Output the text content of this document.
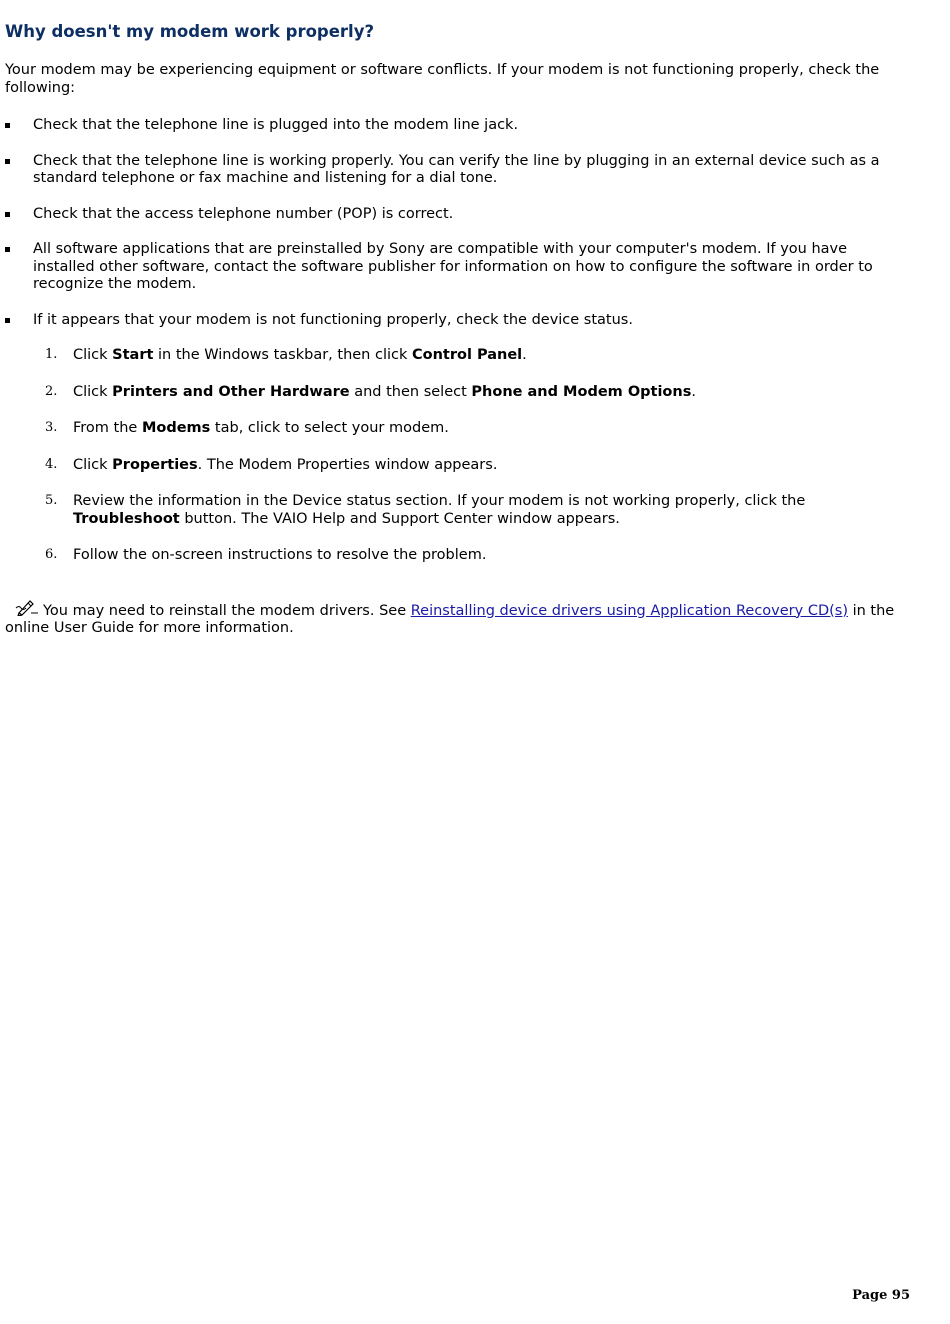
Why doesn't my modem work properly?

Your modem may be experiencing equipment or software conflicts. If your modem is not functioning properly, check the following:

Check that the telephone line is plugged into the modem line jack.
Check that the telephone line is working properly. You can verify the line by plugging in an external device such as a standard telephone or fax machine and listening for a dial tone.
Check that the access telephone number (POP) is correct.
All software applications that are preinstalled by Sony are compatible with your computer's modem. If you have installed other software, contact the software publisher for information on how to configure the software in order to recognize the modem.
If it appears that your modem is not functioning properly, check the device status.
1. Click Start in the Windows taskbar, then click Control Panel.
2. Click Printers and Other Hardware and then select Phone and Modem Options.
3. From the Modems tab, click to select your modem.
4. Click Properties. The Modem Properties window appears.
5. Review the information in the Device status section. If your modem is not working properly, click the Troubleshoot button. The VAIO Help and Support Center window appears.
6. Follow the on-screen instructions to resolve the problem.
You may need to reinstall the modem drivers. See Reinstalling device drivers using Application Recovery CD(s) in the online User Guide for more information.
Page 95
